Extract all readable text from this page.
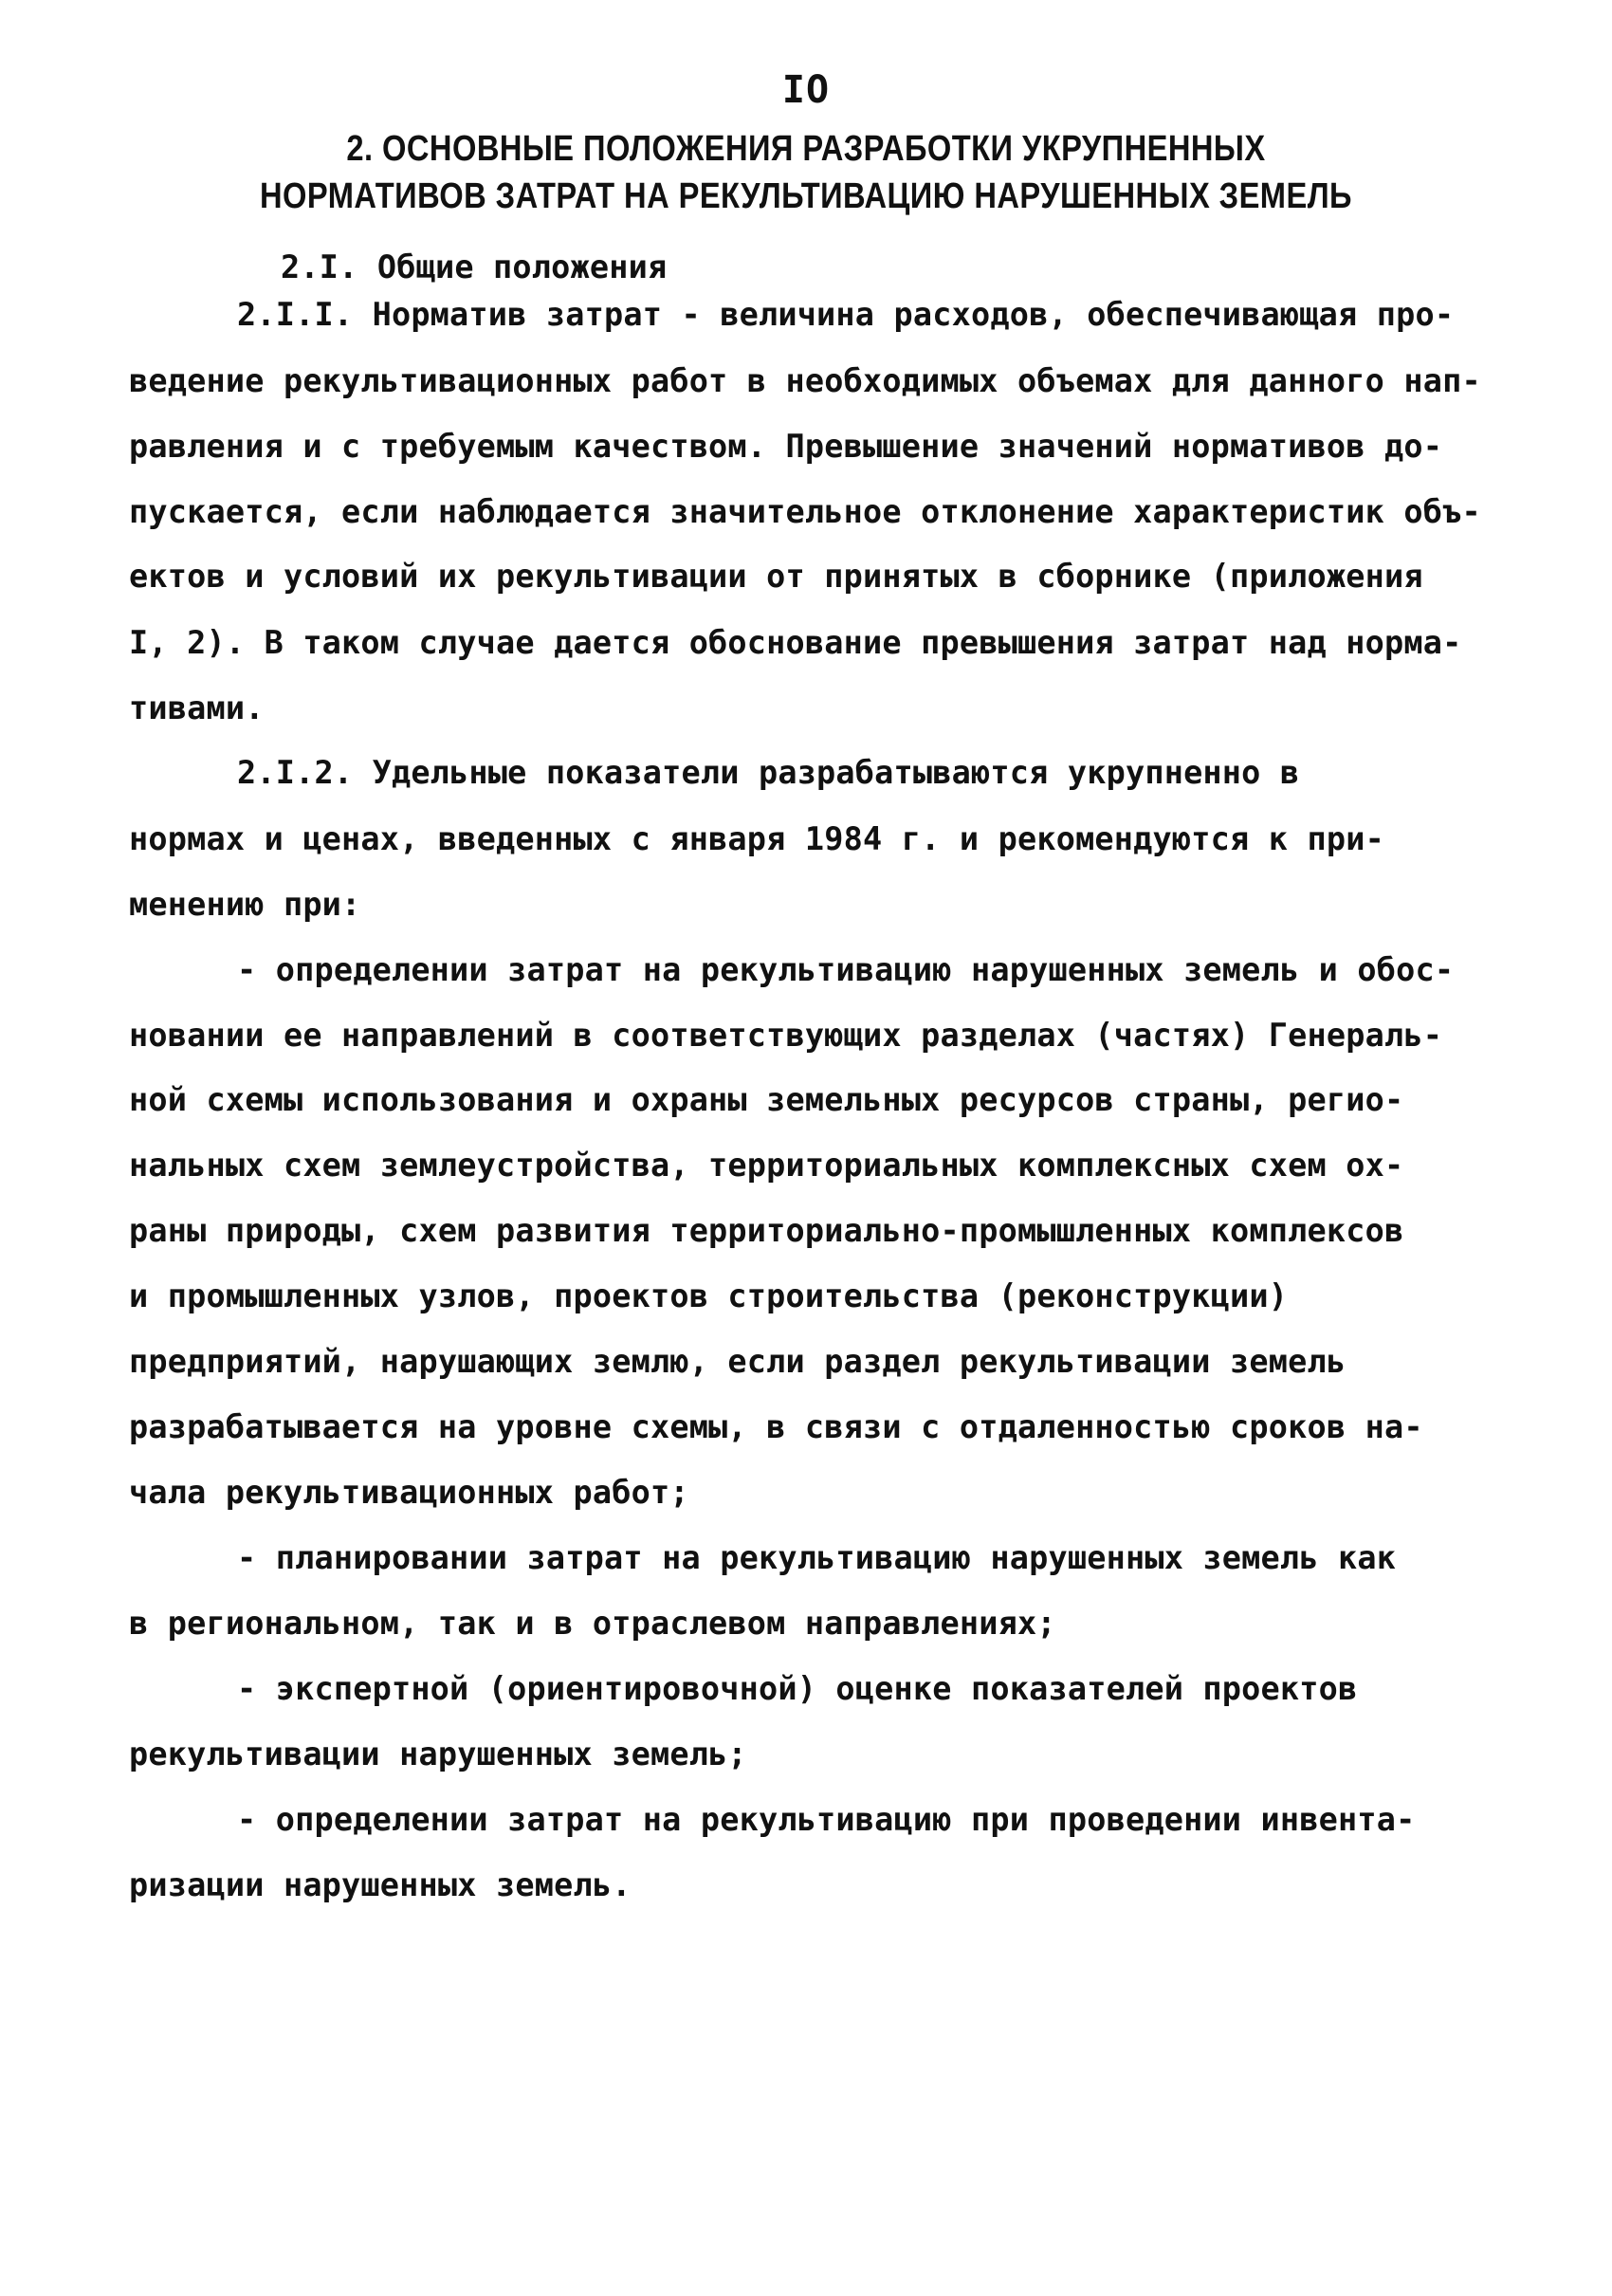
IO
2. ОСНОВНЫЕ ПОЛОЖЕНИЯ РАЗРАБОТКИ УКРУПНЕННЫХ
НОРМАТИВОВ ЗАТРАТ НА РЕКУЛЬТИВАЦИЮ НАРУШЕННЫХ ЗЕМЕЛЬ
2.I. Общие положения
2.I.I. Норматив затрат - величина расходов, обеспечивающая про-
ведение рекультивационных работ в необходимых объемах для данного нап-
равления и с требуемым качеством. Превышение значений нормативов до-
пускается, если наблюдается значительное отклонение характеристик объ-
ектов и условий их рекультивации от принятых в сборнике (приложения
I, 2). В таком случае дается обоснование превышения затрат над норма-
тивами.
2.I.2. Удельные показатели разрабатываются укрупненно в
нормах и ценах, введенных с января 1984 г. и рекомендуются к при-
менению при:
- определении затрат на рекультивацию нарушенных земель и обос-
новании ее направлений в соответствующих разделах (частях) Генераль-
ной схемы использования и охраны земельных ресурсов страны, регио-
нальных схем землеустройства, территориальных комплексных схем ох-
раны природы, схем развития территориально-промышленных комплексов
и промышленных узлов, проектов строительства (реконструкции)
предприятий, нарушающих землю, если раздел рекультивации земель
разрабатывается на уровне схемы, в связи с отдаленностью сроков на-
чала рекультивационных работ;
- планировании затрат на рекультивацию нарушенных земель как
в региональном, так и в отраслевом направлениях;
- экспертной (ориентировочной) оценке показателей проектов
рекультивации нарушенных земель;
- определении затрат на рекультивацию при проведении инвента-
ризации нарушенных земель.
